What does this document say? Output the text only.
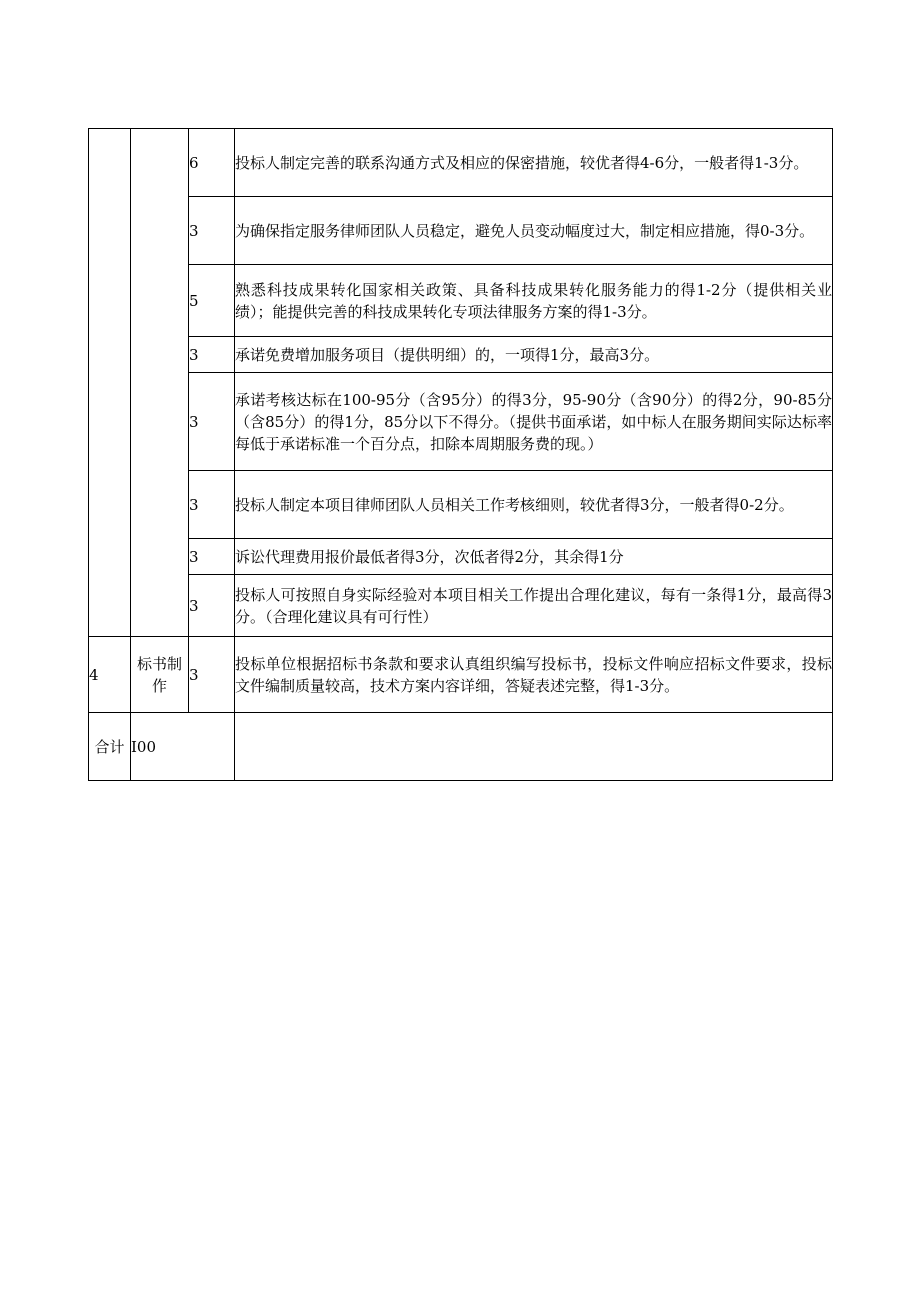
		6	投标人制定完善的联系沟通方式及相应的保密措施，较优者得4-6分，一般者得1-3分。
		3	为确保指定服务律师团队人员稳定，避免人员变动幅度过大，制定相应措施，得0-3分。
		5	熟悉科技成果转化国家相关政策、具备科技成果转化服务能力的得1-2分（提供相关业绩）；能提供完善的科技成果转化专项法律服务方案的得1-3分。
		3	承诺免费增加服务项目（提供明细）的，一项得1分，最高3分。
		3	承诺考核达标在100-95分（含95分）的得3分，95-90分（含90分）的得2分，90-85分（含85分）的得1分，85分以下不得分。（提供书面承诺，如中标人在服务期间实际达标率每低于承诺标准一个百分点，扣除本周期服务费的现。）
		3	投标人制定本项目律师团队人员相关工作考核细则，较优者得3分，一般者得0-2分。
		3	诉讼代理费用报价最低者得3分，次低者得2分，其余得1分
		3	投标人可按照自身实际经验对本项目相关工作提出合理化建议，每有一条得1分，最高得3分。（合理化建议具有可行性）
4	标书制作	3	投标单位根据招标书条款和要求认真组织编写投标书，投标文件响应招标文件要求，投标文件编制质量较高，技术方案内容详细，答疑表述完整，得1-3分。
合计	I00		
